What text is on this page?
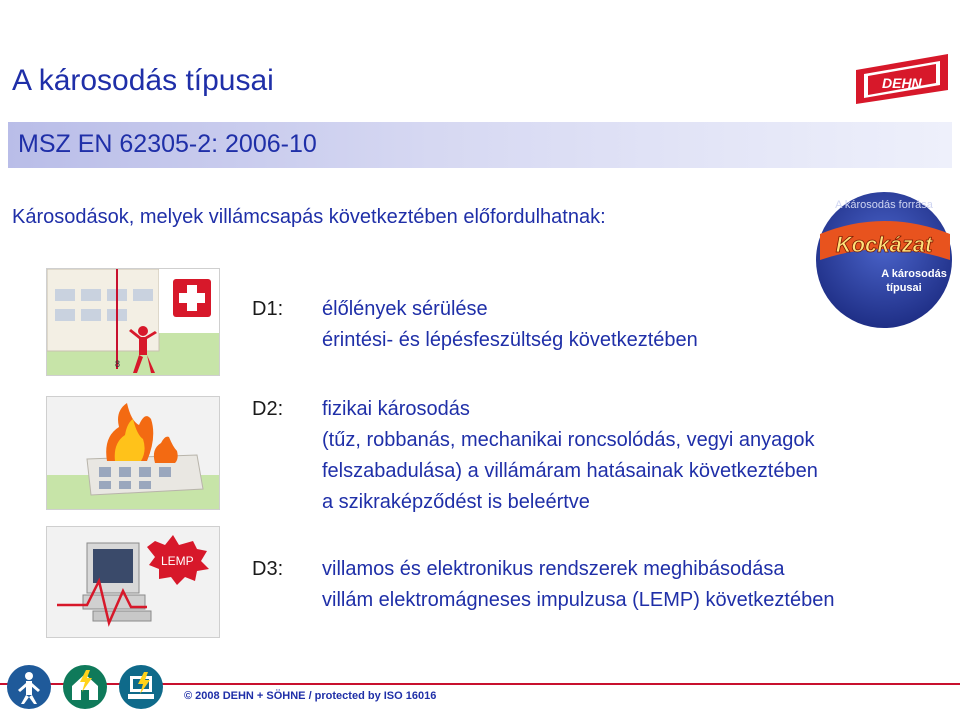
A károsodás típusai	DEHN
MSZ EN 62305-2: 2006-10
Károsodások, melyek villámcsapás következtében előfordulhatnak:
A károsodás forrása
Kockázat
A károsodás
típusai
8
D1: élőlények sérülése
érintési- és lépésfeszültség következtében
D2: fizikai károsodás
(tűz, robbanás, mechanikai roncsolódás, vegyi anyagok
felszabadulása) a villámáram hatásainak következtében
a szikraképződést is beleértve
LEMP	D3: villamos és elektronikus rendszerek meghibásodása
villám elektromágneses impulzusa (LEMP) következtében
© 2008 DEHN + SÖHNE / protected by ISO 16016
